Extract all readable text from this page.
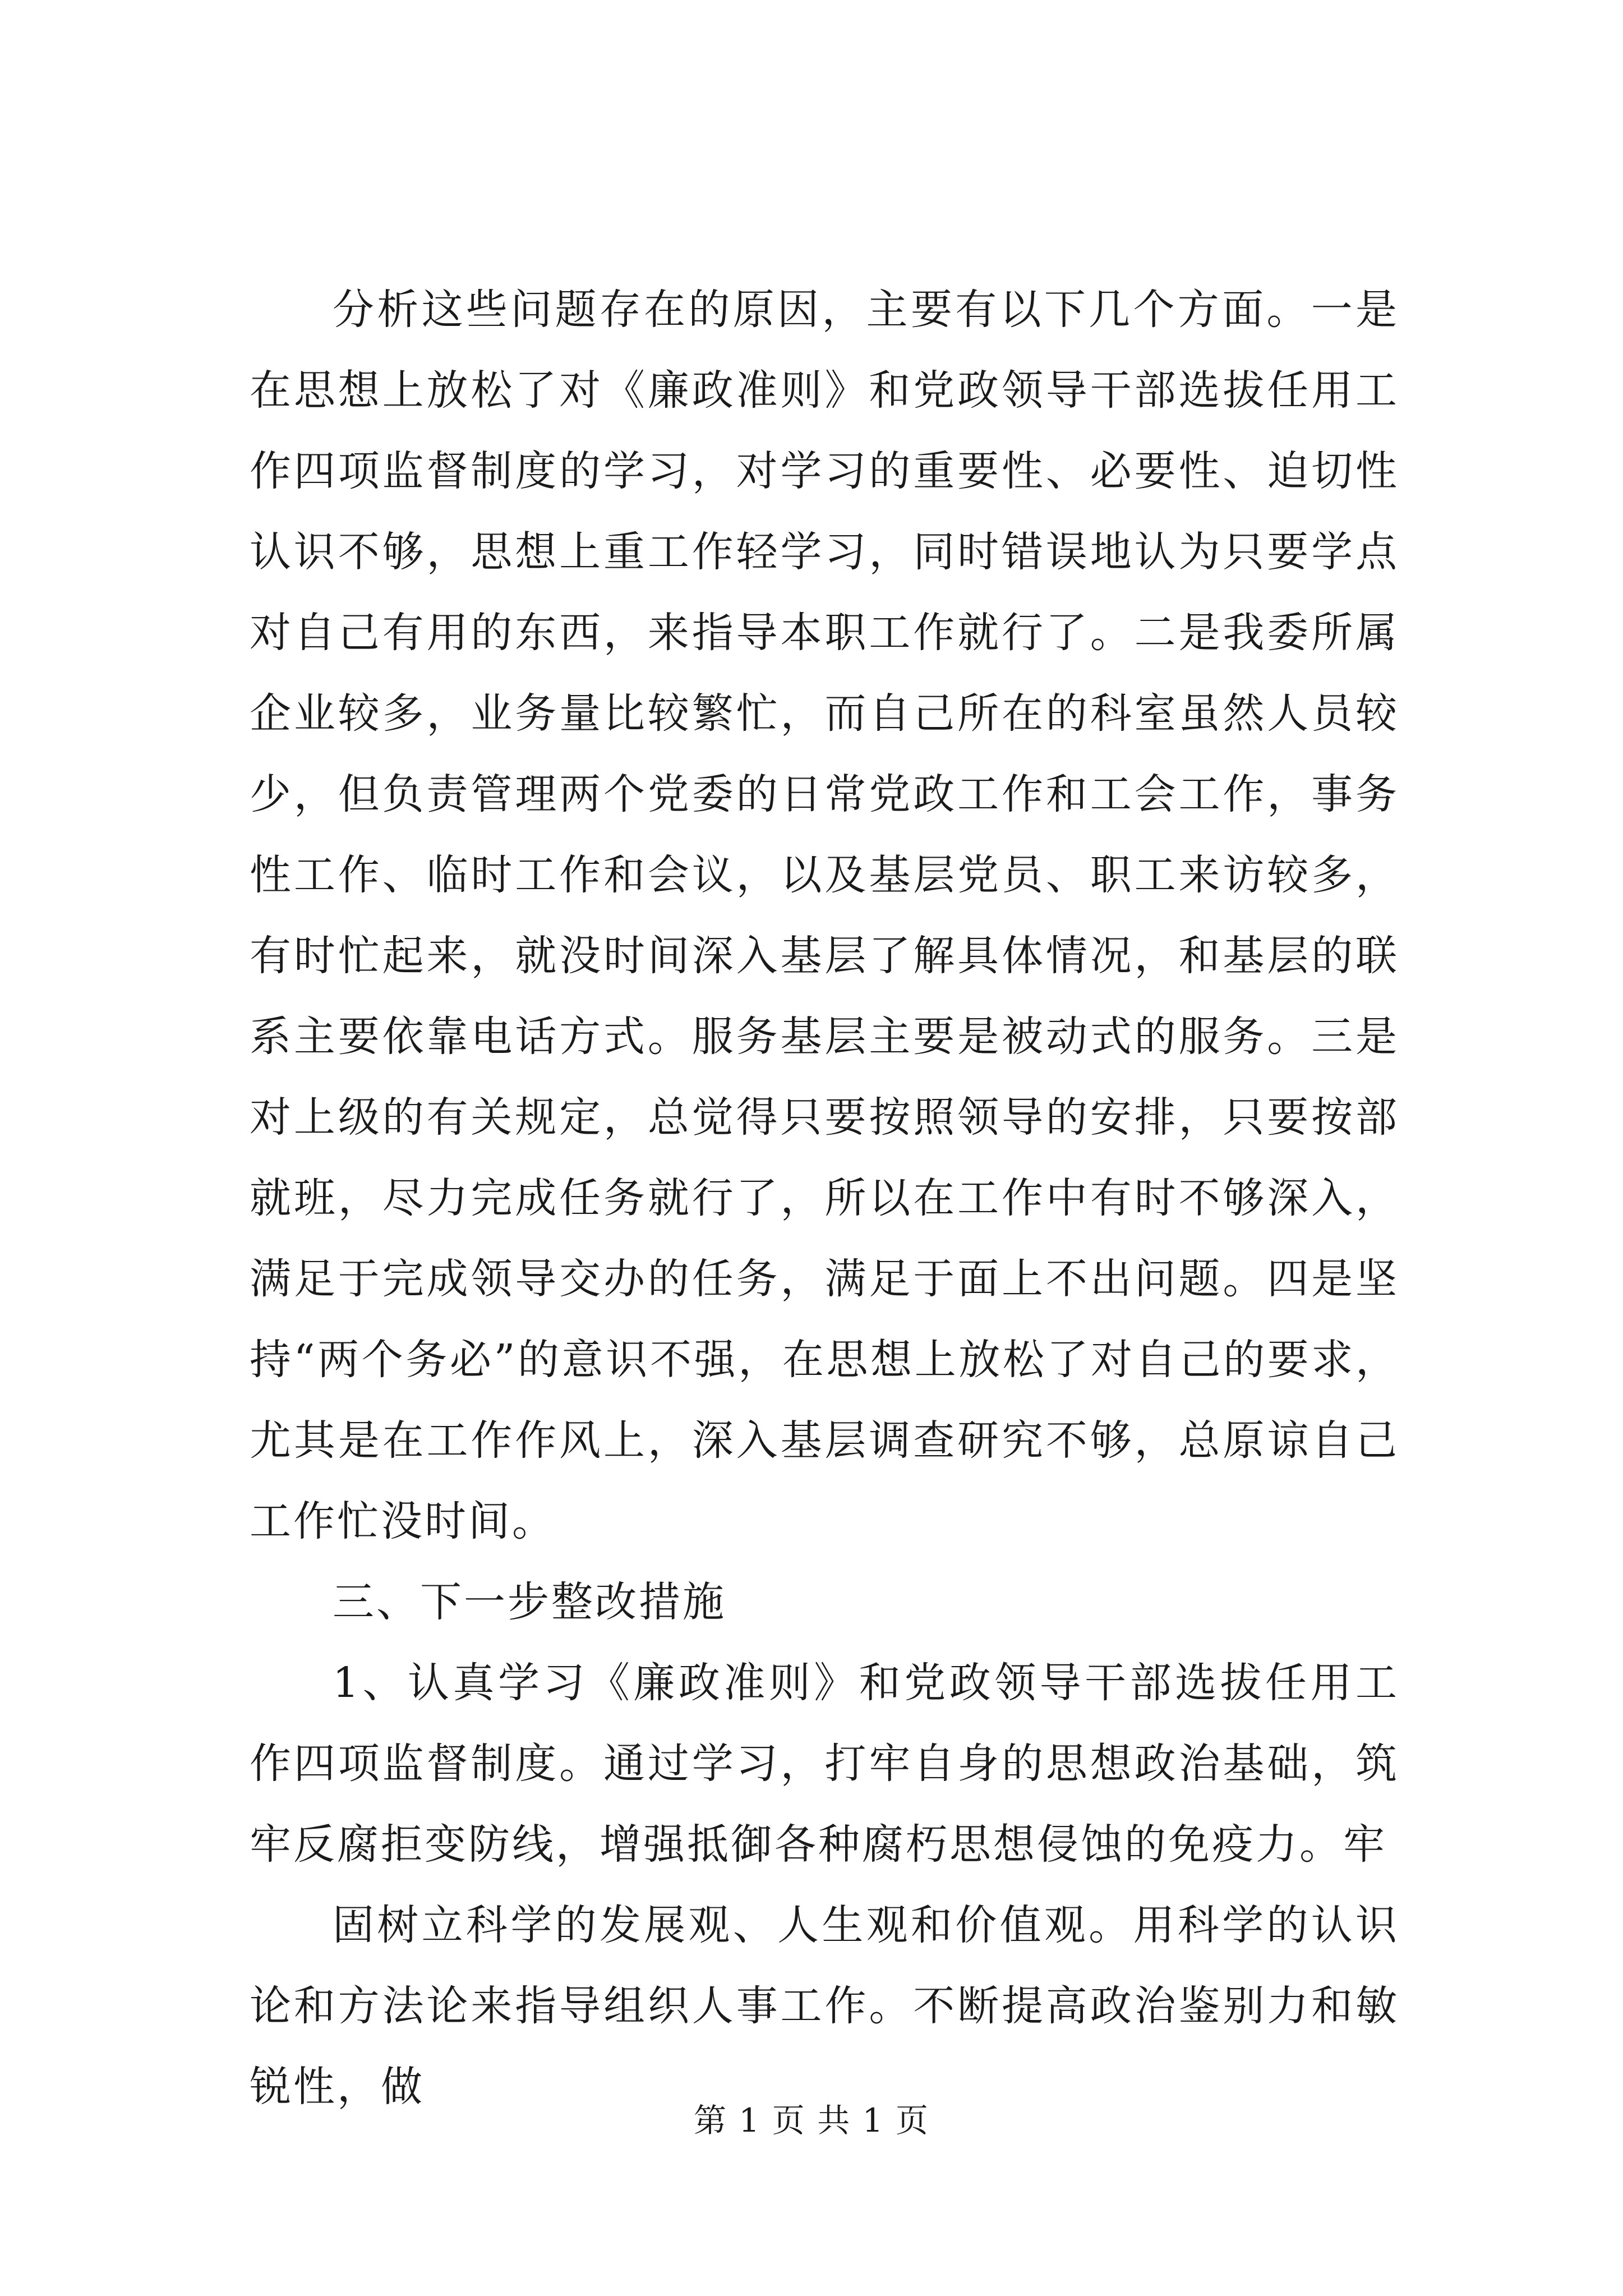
分析这些问题存在的原因，主要有以下几个方面。一是在思想上放松了对《廉政准则》和党政领导干部选拔任用工作四项监督制度的学习，对学习的重要性、必要性、迫切性认识不够，思想上重工作轻学习，同时错误地认为只要学点对自己有用的东西，来指导本职工作就行了。二是我委所属企业较多，业务量比较繁忙，而自己所在的科室虽然人员较少，但负责管理两个党委的日常党政工作和工会工作，事务性工作、临时工作和会议，以及基层党员、职工来访较多，有时忙起来，就没时间深入基层了解具体情况，和基层的联系主要依靠电话方式。服务基层主要是被动式的服务。三是对上级的有关规定，总觉得只要按照领导的安排，只要按部就班，尽力完成任务就行了，所以在工作中有时不够深入，满足于完成领导交办的任务，满足于面上不出问题。四是坚持“两个务必”的意识不强，在思想上放松了对自己的要求，尤其是在工作作风上，深入基层调查研究不够，总原谅自己工作忙没时间。

三、下一步整改措施

1、认真学习《廉政准则》和党政领导干部选拔任用工作四项监督制度。通过学习，打牢自身的思想政治基础，筑牢反腐拒变防线，增强抵御各种腐朽思想侵蚀的免疫力。牢

固树立科学的发展观、人生观和价值观。用科学的认识论和方法论来指导组织人事工作。不断提高政治鉴别力和敏锐性，做

第 1 页 共 1 页
